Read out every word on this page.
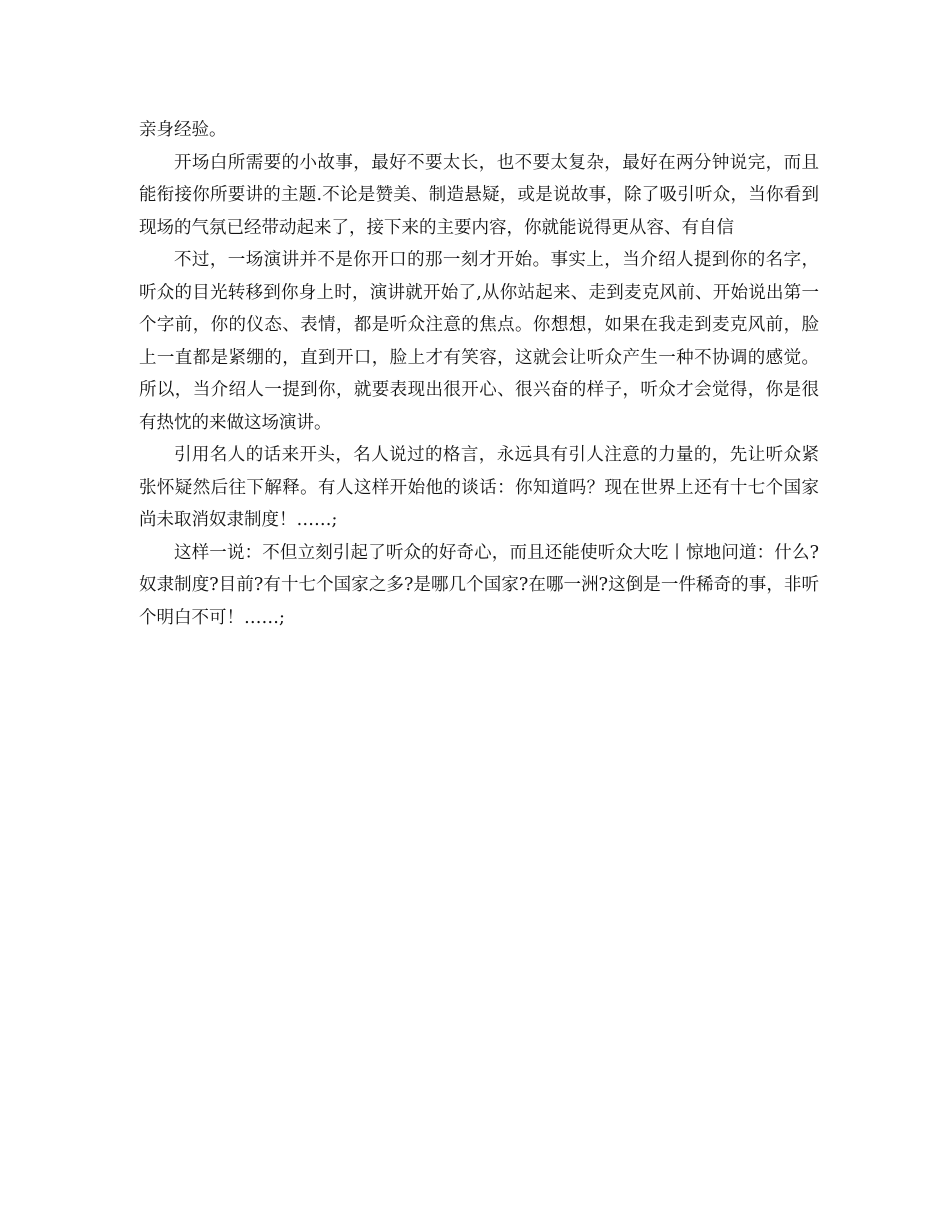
亲身经验。

开场白所需要的小故事，最好不要太长，也不要太复杂，最好在两分钟说完，而且能衔接你所要讲的主题.不论是赞美、制造悬疑，或是说故事，除了吸引听众，当你看到现场的气氛已经带动起来了，接下来的主要内容，你就能说得更从容、有自信

不过，一场演讲并不是你开口的那一刻才开始。事实上，当介绍人提到你的名字，听众的目光转移到你身上时，演讲就开始了,从你站起来、走到麦克风前、开始说出第一个字前，你的仪态、表情，都是听众注意的焦点。你想想，如果在我走到麦克风前，脸上一直都是紧绷的，直到开口，脸上才有笑容，这就会让听众产生一种不协调的感觉。所以，当介绍人一提到你，就要表现出很开心、很兴奋的样子，听众才会觉得，你是很有热忱的来做这场演讲。

引用名人的话来开头，名人说过的格言，永远具有引人注意的力量的，先让听众紧张怀疑然后往下解释。有人这样开始他的谈话：你知道吗？现在世界上还有十七个国家尚未取消奴隶制度！……;

这样一说：不但立刻引起了听众的好奇心，而且还能使听众大吃丨惊地问道：什么?奴隶制度?目前?有十七个国家之多?是哪几个国家?在哪一洲?这倒是一件稀奇的事，非听个明白不可！……;
